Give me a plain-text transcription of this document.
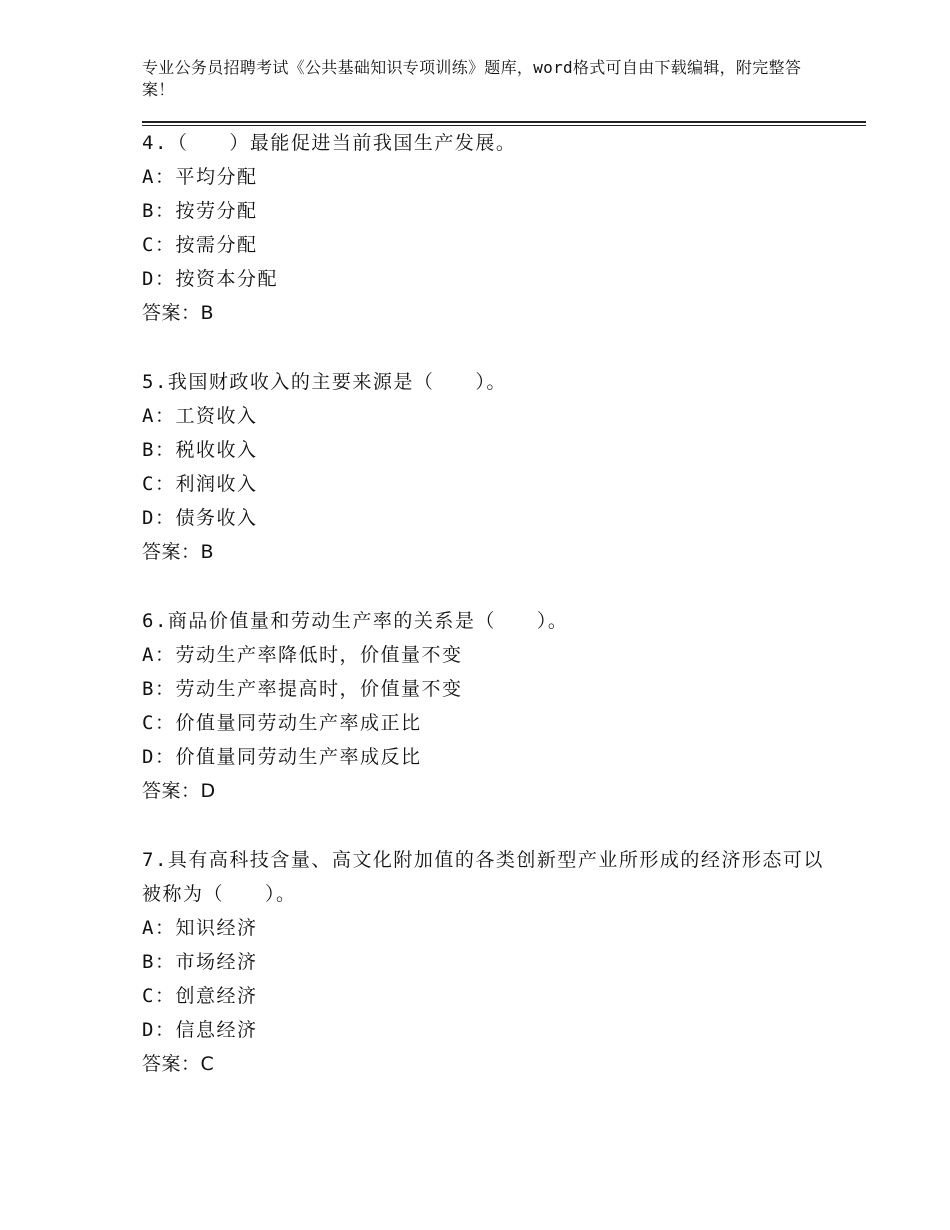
专业公务员招聘考试《公共基础知识专项训练》题库，word格式可自由下载编辑，附完整答案！
4.（　　）最能促进当前我国生产发展。
A：平均分配
B：按劳分配
C：按需分配
D：按资本分配
答案：B
5.我国财政收入的主要来源是（　　）。
A：工资收入
B：税收收入
C：利润收入
D：债务收入
答案：B
6.商品价值量和劳动生产率的关系是（　　）。
A：劳动生产率降低时，价值量不变
B：劳动生产率提高时，价值量不变
C：价值量同劳动生产率成正比
D：价值量同劳动生产率成反比
答案：D
7.具有高科技含量、高文化附加值的各类创新型产业所形成的经济形态可以被称为（　　）。
A：知识经济
B：市场经济
C：创意经济
D：信息经济
答案：C
